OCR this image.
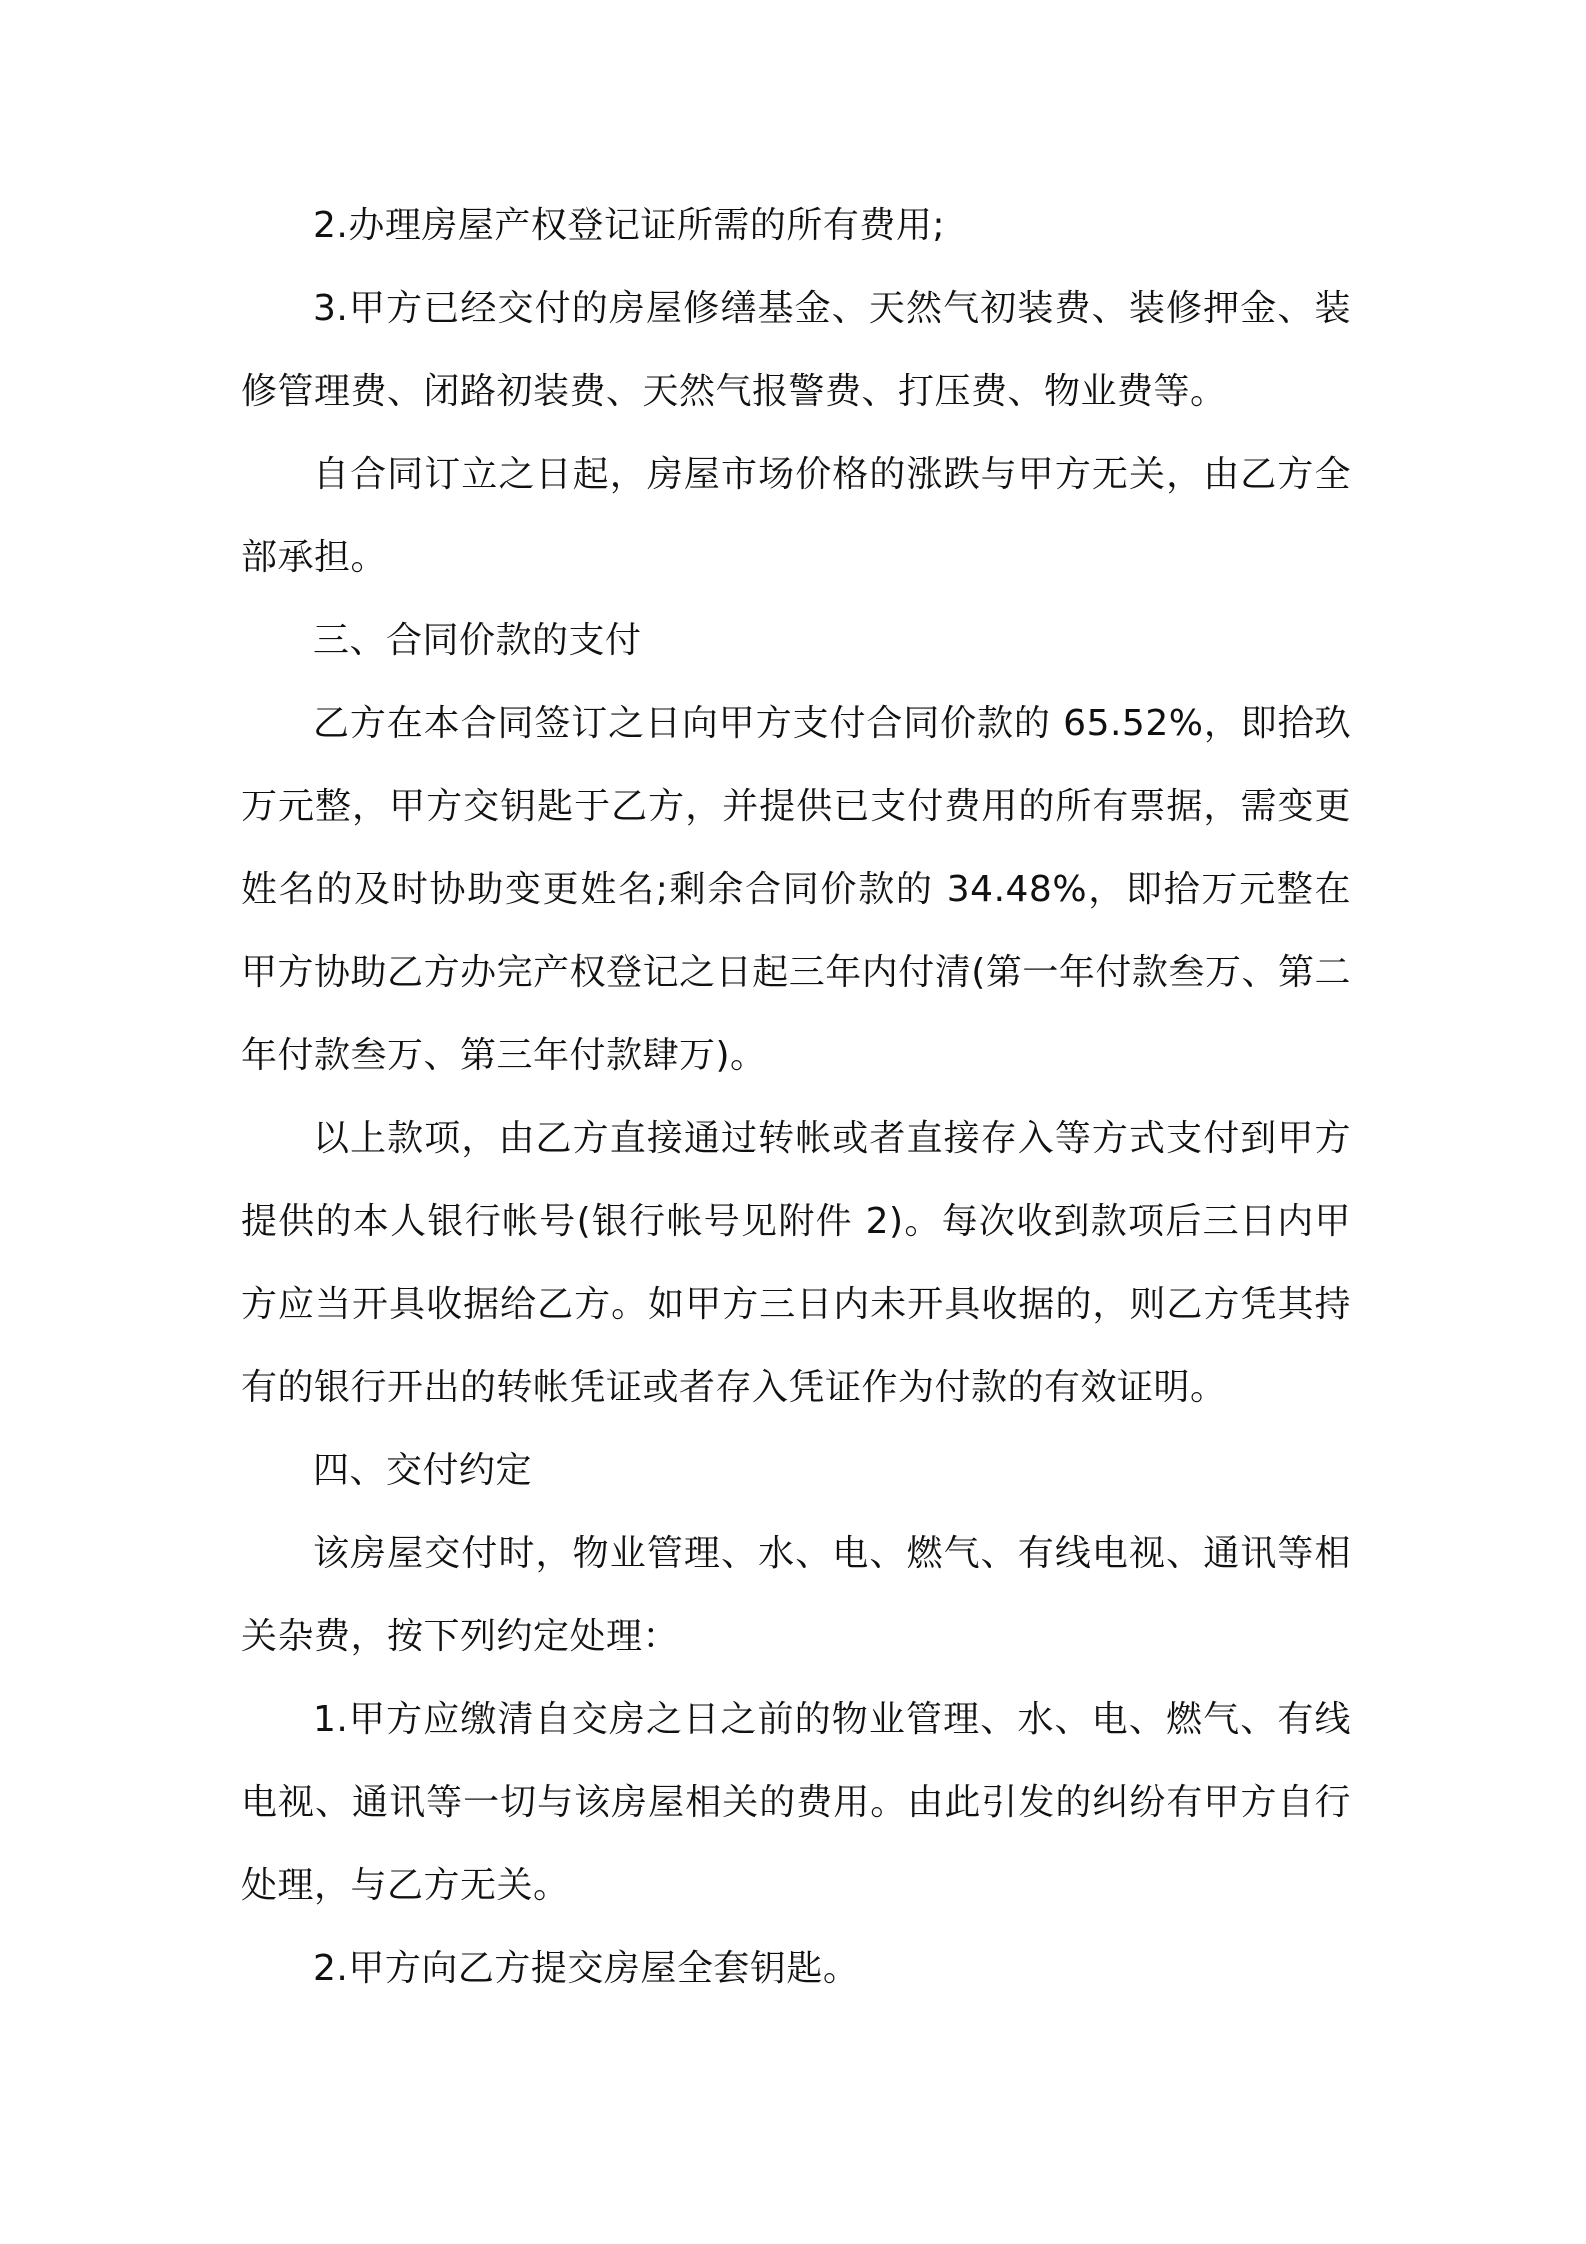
2.办理房屋产权登记证所需的所有费用;

3.甲方已经交付的房屋修缮基金、天然气初装费、装修押金、装修管理费、闭路初装费、天然气报警费、打压费、物业费等。

自合同订立之日起，房屋市场价格的涨跌与甲方无关，由乙方全部承担。

三、合同价款的支付

乙方在本合同签订之日向甲方支付合同价款的 65.52%，即拾玖万元整，甲方交钥匙于乙方，并提供已支付费用的所有票据，需变更姓名的及时协助变更姓名;剩余合同价款的 34.48%，即拾万元整在甲方协助乙方办完产权登记之日起三年内付清(第一年付款叁万、第二年付款叁万、第三年付款肆万)。

以上款项，由乙方直接通过转帐或者直接存入等方式支付到甲方提供的本人银行帐号(银行帐号见附件 2)。每次收到款项后三日内甲方应当开具收据给乙方。如甲方三日内未开具收据的，则乙方凭其持有的银行开出的转帐凭证或者存入凭证作为付款的有效证明。

四、交付约定

该房屋交付时，物业管理、水、电、燃气、有线电视、通讯等相关杂费，按下列约定处理：

1.甲方应缴清自交房之日之前的物业管理、水、电、燃气、有线电视、通讯等一切与该房屋相关的费用。由此引发的纠纷有甲方自行处理，与乙方无关。

2.甲方向乙方提交房屋全套钥匙。
